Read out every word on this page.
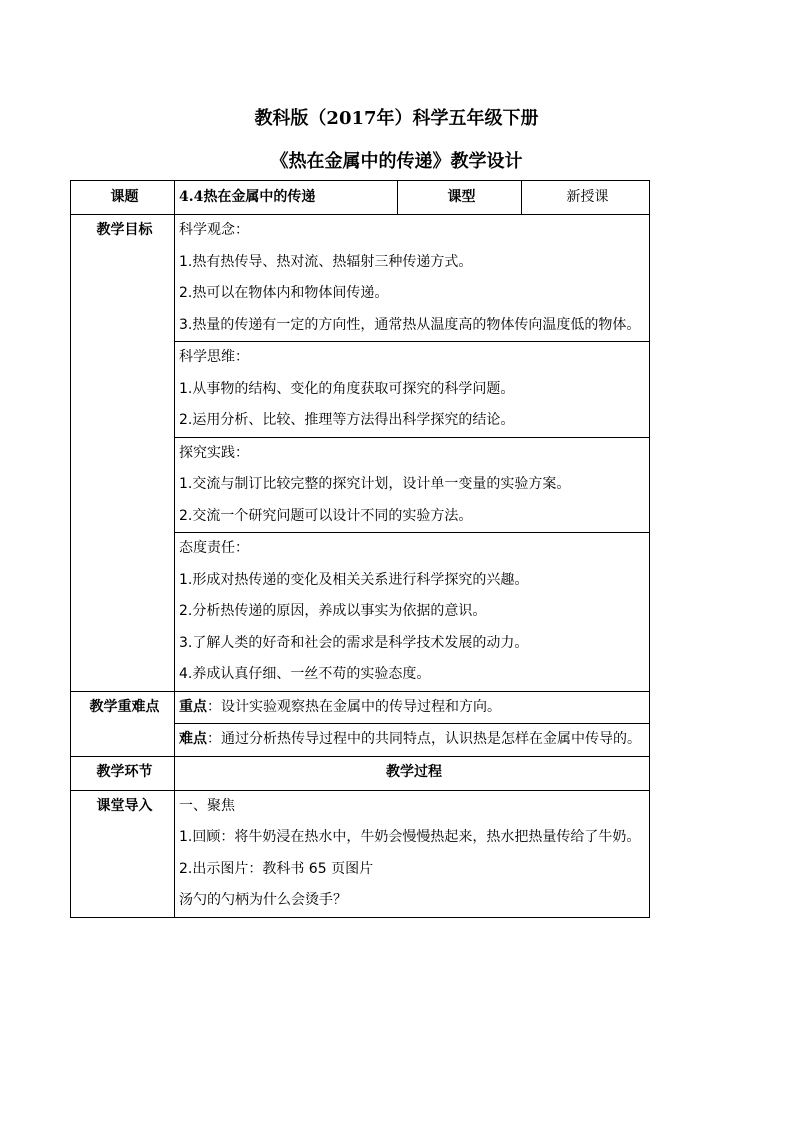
教科版（2017年）科学五年级下册
《热在金属中的传递》教学设计
课题	4.4热在金属中的传递	课型	新授课
教学目标	科学观念：
1.热有热传导、热对流、热辐射三种传递方式。
2.热可以在物体内和物体间传递。
3.热量的传递有一定的方向性，通常热从温度高的物体传向温度低的物体。		

	科学思维：
1.从事物的结构、变化的角度获取可探究的科学问题。
2.运用分析、比较、推理等方法得出科学探究的结论。		

	探究实践：
1.交流与制订比较完整的探究计划，设计单一变量的实验方案。
2.交流一个研究问题可以设计不同的实验方法。		

	态度责任：
1.形成对热传递的变化及相关关系进行科学探究的兴趣。
2.分析热传递的原因，养成以事实为依据的意识。
3.了解人类的好奇和社会的需求是科学技术发展的动力。
4.养成认真仔细、一丝不苟的实验态度。		

教学重难点	重点：设计实验观察热在金属中的传导过程和方向。		

	难点：通过分析热传导过程中的共同特点，认识热是怎样在金属中传导的。		

教学环节	教学过程		
课堂导入	一、聚焦
1.回顾：将牛奶浸在热水中，牛奶会慢慢热起来，热水把热量传给了牛奶。
2.出示图片：教科书 65 页图片
汤勺的勺柄为什么会烫手？		
